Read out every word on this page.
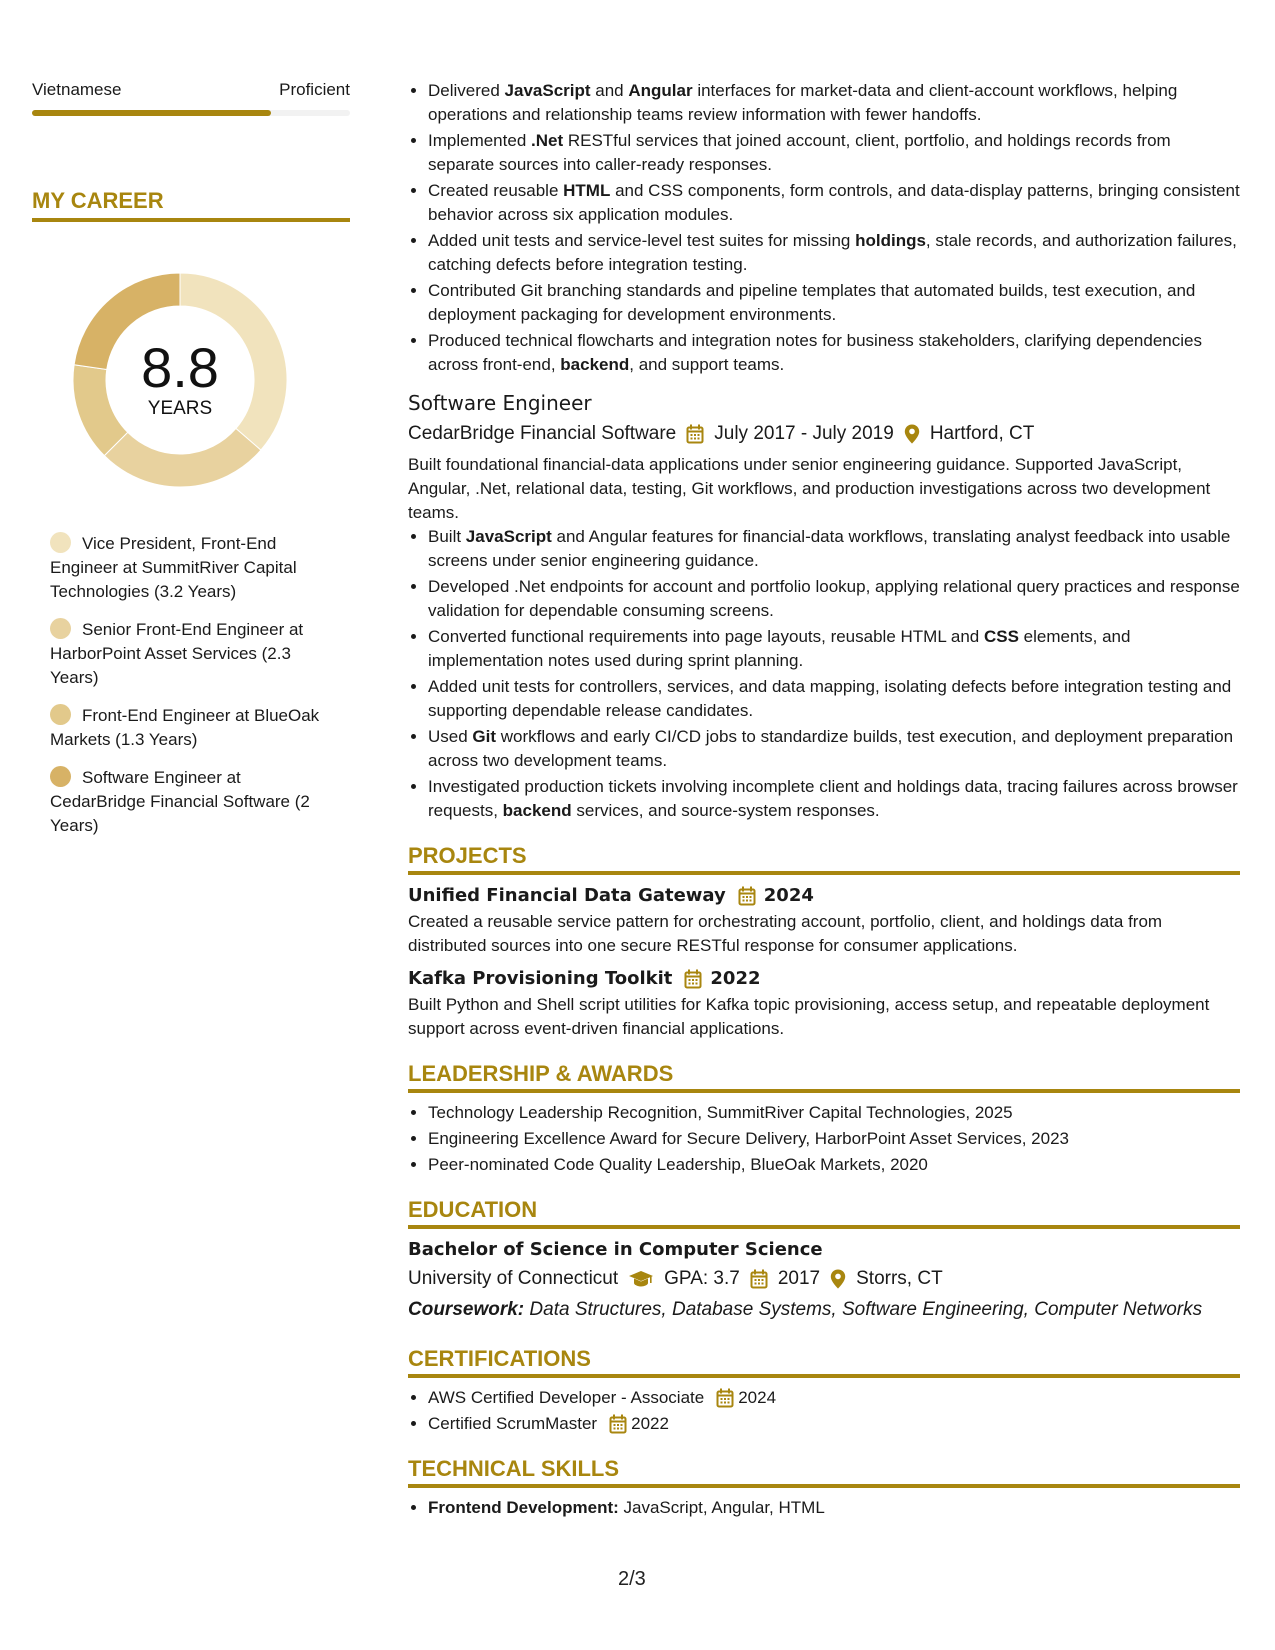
Vietnamese	Proficient
MY CAREER
8.8
YEARS
Vice President, Front-End Engineer at SummitRiver Capital Technologies (3.2 Years)
Senior Front-End Engineer at HarborPoint Asset Services (2.3 Years)
Front-End Engineer at BlueOak Markets (1.3 Years)
Software Engineer at CedarBridge Financial Software (2 Years)
• Delivered JavaScript and Angular interfaces for market-data and client-account workflows, helping operations and relationship teams review information with fewer handoffs.
• Implemented .Net RESTful services that joined account, client, portfolio, and holdings records from separate sources into caller-ready responses.
• Created reusable HTML and CSS components, form controls, and data-display patterns, bringing consistent behavior across six application modules.
• Added unit tests and service-level test suites for missing holdings, stale records, and authorization failures, catching defects before integration testing.
• Contributed Git branching standards and pipeline templates that automated builds, test execution, and deployment packaging for development environments.
• Produced technical flowcharts and integration notes for business stakeholders, clarifying dependencies across front-end, backend, and support teams.
Software Engineer
CedarBridge Financial Software July 2017 - July 2019 Hartford, CT
Built foundational financial-data applications under senior engineering guidance. Supported JavaScript, Angular, .Net, relational data, testing, Git workflows, and production investigations across two development teams.
• Built JavaScript and Angular features for financial-data workflows, translating analyst feedback into usable screens under senior engineering guidance.
• Developed .Net endpoints for account and portfolio lookup, applying relational query practices and response validation for dependable consuming screens.
• Converted functional requirements into page layouts, reusable HTML and CSS elements, and implementation notes used during sprint planning.
• Added unit tests for controllers, services, and data mapping, isolating defects before integration testing and supporting dependable release candidates.
• Used Git workflows and early CI/CD jobs to standardize builds, test execution, and deployment preparation across two development teams.
• Investigated production tickets involving incomplete client and holdings data, tracing failures across browser requests, backend services, and source-system responses.
PROJECTS
Unified Financial Data Gateway 2024
Created a reusable service pattern for orchestrating account, portfolio, client, and holdings data from distributed sources into one secure RESTful response for consumer applications.
Kafka Provisioning Toolkit 2022
Built Python and Shell script utilities for Kafka topic provisioning, access setup, and repeatable deployment support across event-driven financial applications.
LEADERSHIP & AWARDS
• Technology Leadership Recognition, SummitRiver Capital Technologies, 2025
• Engineering Excellence Award for Secure Delivery, HarborPoint Asset Services, 2023
• Peer-nominated Code Quality Leadership, BlueOak Markets, 2020
EDUCATION
Bachelor of Science in Computer Science
University of Connecticut GPA: 3.7 2017 Storrs, CT
Coursework: Data Structures, Database Systems, Software Engineering, Computer Networks
CERTIFICATIONS
• AWS Certified Developer - Associate 2024
• Certified ScrumMaster 2022
TECHNICAL SKILLS
• Frontend Development: JavaScript, Angular, HTML
2/3
